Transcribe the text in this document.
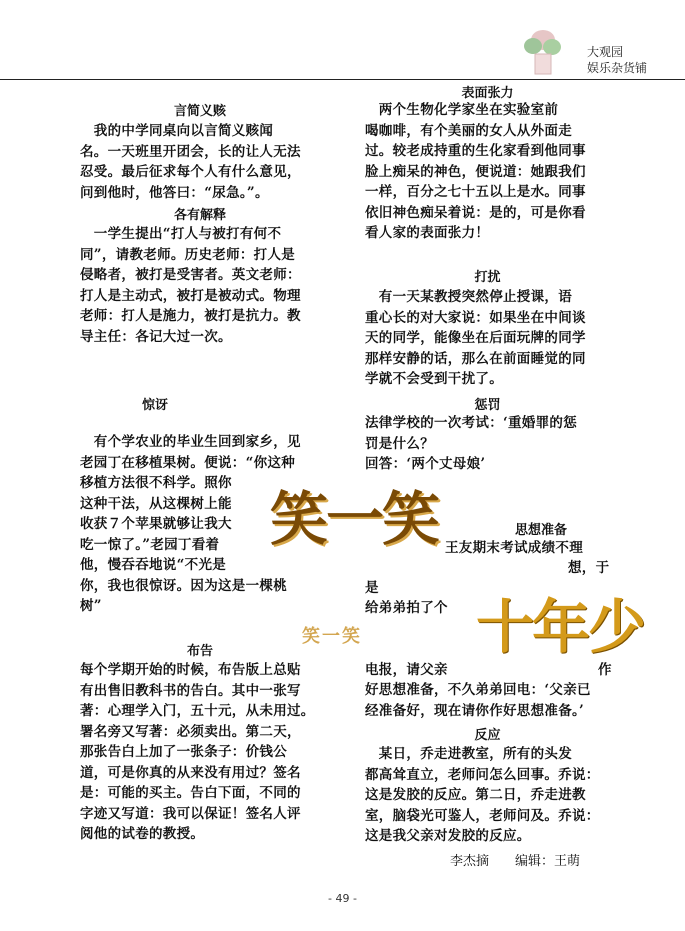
大观园
娱乐杂货铺
言简义赅
　我的中学同桌向以言简义赅闻
名。一天班里开团会，长的让人无法
忍受。最后征求每个人有什么意见，
问到他时，他答曰：“尿急。”。
各有解释
　一学生提出“打人与被打有何不
同”，请教老师。历史老师：打人是
侵略者，被打是受害者。英文老师：
打人是主动式，被打是被动式。物理
老师：打人是施力，被打是抗力。教
导主任：各记大过一次。
惊讶
　有个学农业的毕业生回到家乡，见
老园丁在移植果树。便说：“你这种
移植方法很不科学。照你
这种干法，从这棵树上能
收获７个苹果就够让我大
吃一惊了。”老园丁看着
他，慢吞吞地说“不光是
你，我也很惊讶。因为这是一棵桃
树”
布告
每个学期开始的时候，布告版上总贴
有出售旧教科书的告白。其中一张写
著：心理学入门，五十元，从未用过。
署名旁又写著：必须卖出。第二天，
那张告白上加了一张条子：价钱公
道，可是你真的从来没有用过？签名
是：可能的买主。告白下面，不同的
字迹又写道：我可以保证！签名人评
阅他的试卷的教授。
表面张力
　两个生物化学家坐在实验室前
喝咖啡，有个美丽的女人从外面走
过。较老成持重的生化家看到他同事
脸上痴呆的神色，便说道：她跟我们
一样，百分之七十五以上是水。同事
依旧神色痴呆着说：是的，可是你看
看人家的表面张力！
打扰
　有一天某教授突然停止授课，语
重心长的对大家说：如果坐在中间谈
天的同学，能像坐在后面玩牌的同学
那样安静的话，那么在前面睡觉的同
学就不会受到干扰了。
惩罚
法律学校的一次考试：‘重婚罪的惩
罚是什么？
回答：‘两个丈母娘’
思想准备
王友期末考试成绩不理
想，于
是
给弟弟拍了个
电报，请父亲	作
好思想准备，不久弟弟回电：‘父亲已
经准备好，现在请你作好思想准备。’
反应
　某日，乔走进教室，所有的头发
都高耸直立，老师问怎么回事。乔说：
这是发胶的反应。第二日，乔走进教
室，脑袋光可鉴人，老师问及。乔说：
这是我父亲对发胶的反应。
李杰摘　　编辑：王萌
笑一笑
笑一笑 十年少
- 49 -
